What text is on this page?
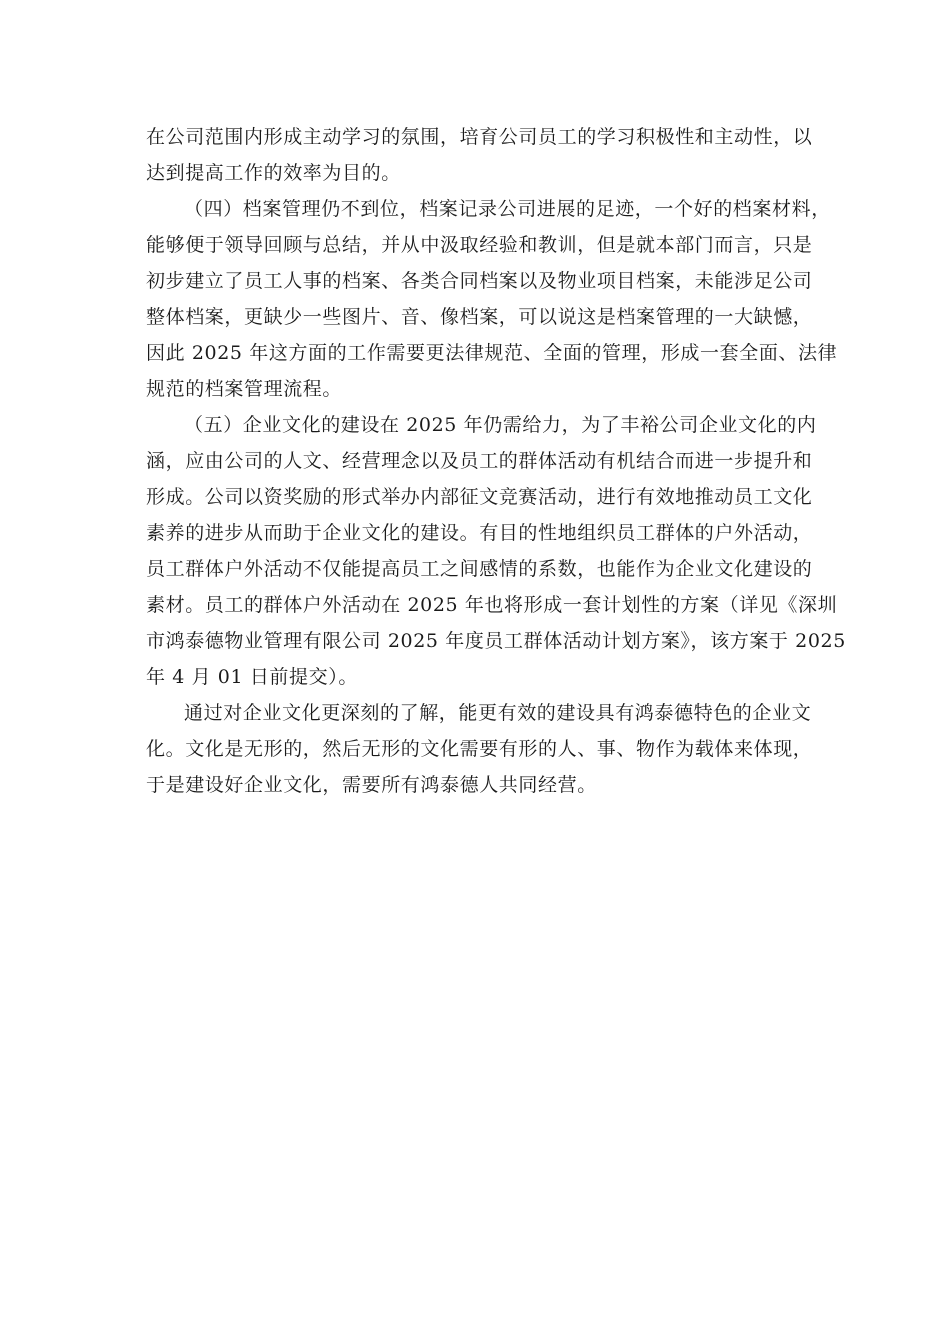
在公司范围内形成主动学习的氛围，培育公司员工的学习积极性和主动性，以
达到提高工作的效率为目的。
（四）档案管理仍不到位，档案记录公司进展的足迹，一个好的档案材料，
能够便于领导回顾与总结，并从中汲取经验和教训，但是就本部门而言，只是
初步建立了员工人事的档案、各类合同档案以及物业项目档案，未能涉足公司
整体档案，更缺少一些图片、音、像档案，可以说这是档案管理的一大缺憾，
因此 2025 年这方面的工作需要更法律规范、全面的管理，形成一套全面、法律
规范的档案管理流程。
（五）企业文化的建设在 2025 年仍需给力，为了丰裕公司企业文化的内
涵，应由公司的人文、经营理念以及员工的群体活动有机结合而进一步提升和
形成。公司以资奖励的形式举办内部征文竞赛活动，进行有效地推动员工文化
素养的进步从而助于企业文化的建设。有目的性地组织员工群体的户外活动，
员工群体户外活动不仅能提高员工之间感情的系数，也能作为企业文化建设的
素材。员工的群体户外活动在 2025 年也将形成一套计划性的方案（详见《深圳
市鸿泰德物业管理有限公司 2025 年度员工群体活动计划方案》，该方案于 2025
年 4 月 01 日前提交）。
通过对企业文化更深刻的了解，能更有效的建设具有鸿泰德特色的企业文
化。文化是无形的，然后无形的文化需要有形的人、事、物作为载体来体现，
于是建设好企业文化，需要所有鸿泰德人共同经营。
